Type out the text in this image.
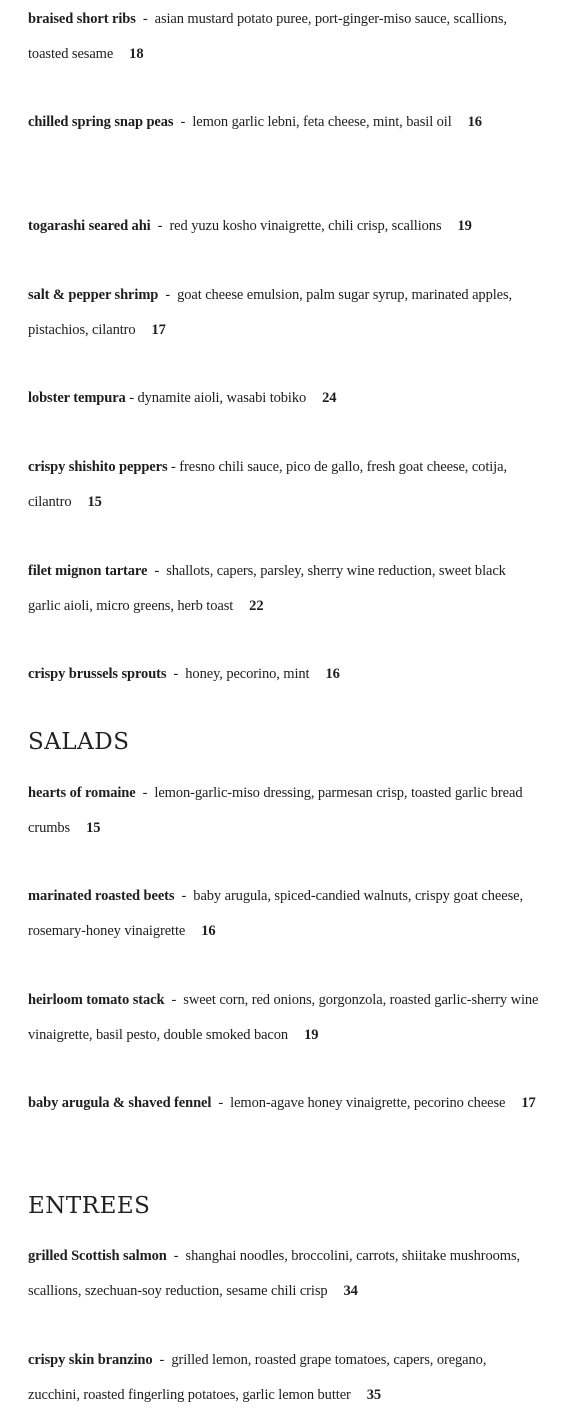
braised short ribs  -  asian mustard potato puree, port-ginger-miso sauce, scallions, toasted sesame 18

chilled spring snap peas  -  lemon garlic lebni, feta cheese, mint, basil oil 16

togarashi seared ahi  -  red yuzu kosho vinaigrette, chili crisp, scallions 19

salt & pepper shrimp  -  goat cheese emulsion, palm sugar syrup, marinated apples, pistachios, cilantro 17

lobster tempura - dynamite aioli, wasabi tobiko 24

crispy shishito peppers - fresno chili sauce, pico de gallo, fresh goat cheese, cotija, cilantro 15

filet mignon tartare  -  shallots, capers, parsley, sherry wine reduction, sweet black garlic aioli, micro greens, herb toast 22

crispy brussels sprouts  -  honey, pecorino, mint 16

SALADS

hearts of romaine  -  lemon-garlic-miso dressing, parmesan crisp, toasted garlic bread crumbs 15

marinated roasted beets  -  baby arugula, spiced-candied walnuts, crispy goat cheese, rosemary-honey vinaigrette 16

heirloom tomato stack  -  sweet corn, red onions, gorgonzola, roasted garlic-sherry wine vinaigrette, basil pesto, double smoked bacon 19

baby arugula & shaved fennel  -  lemon-agave honey vinaigrette, pecorino cheese 17

ENTREES

grilled Scottish salmon  -  shanghai noodles, broccolini, carrots, shiitake mushrooms, scallions, szechuan-soy reduction, sesame chili crisp 34

crispy skin branzino  -  grilled lemon, roasted grape tomatoes, capers, oregano, zucchini, roasted fingerling potatoes, garlic lemon butter 35
